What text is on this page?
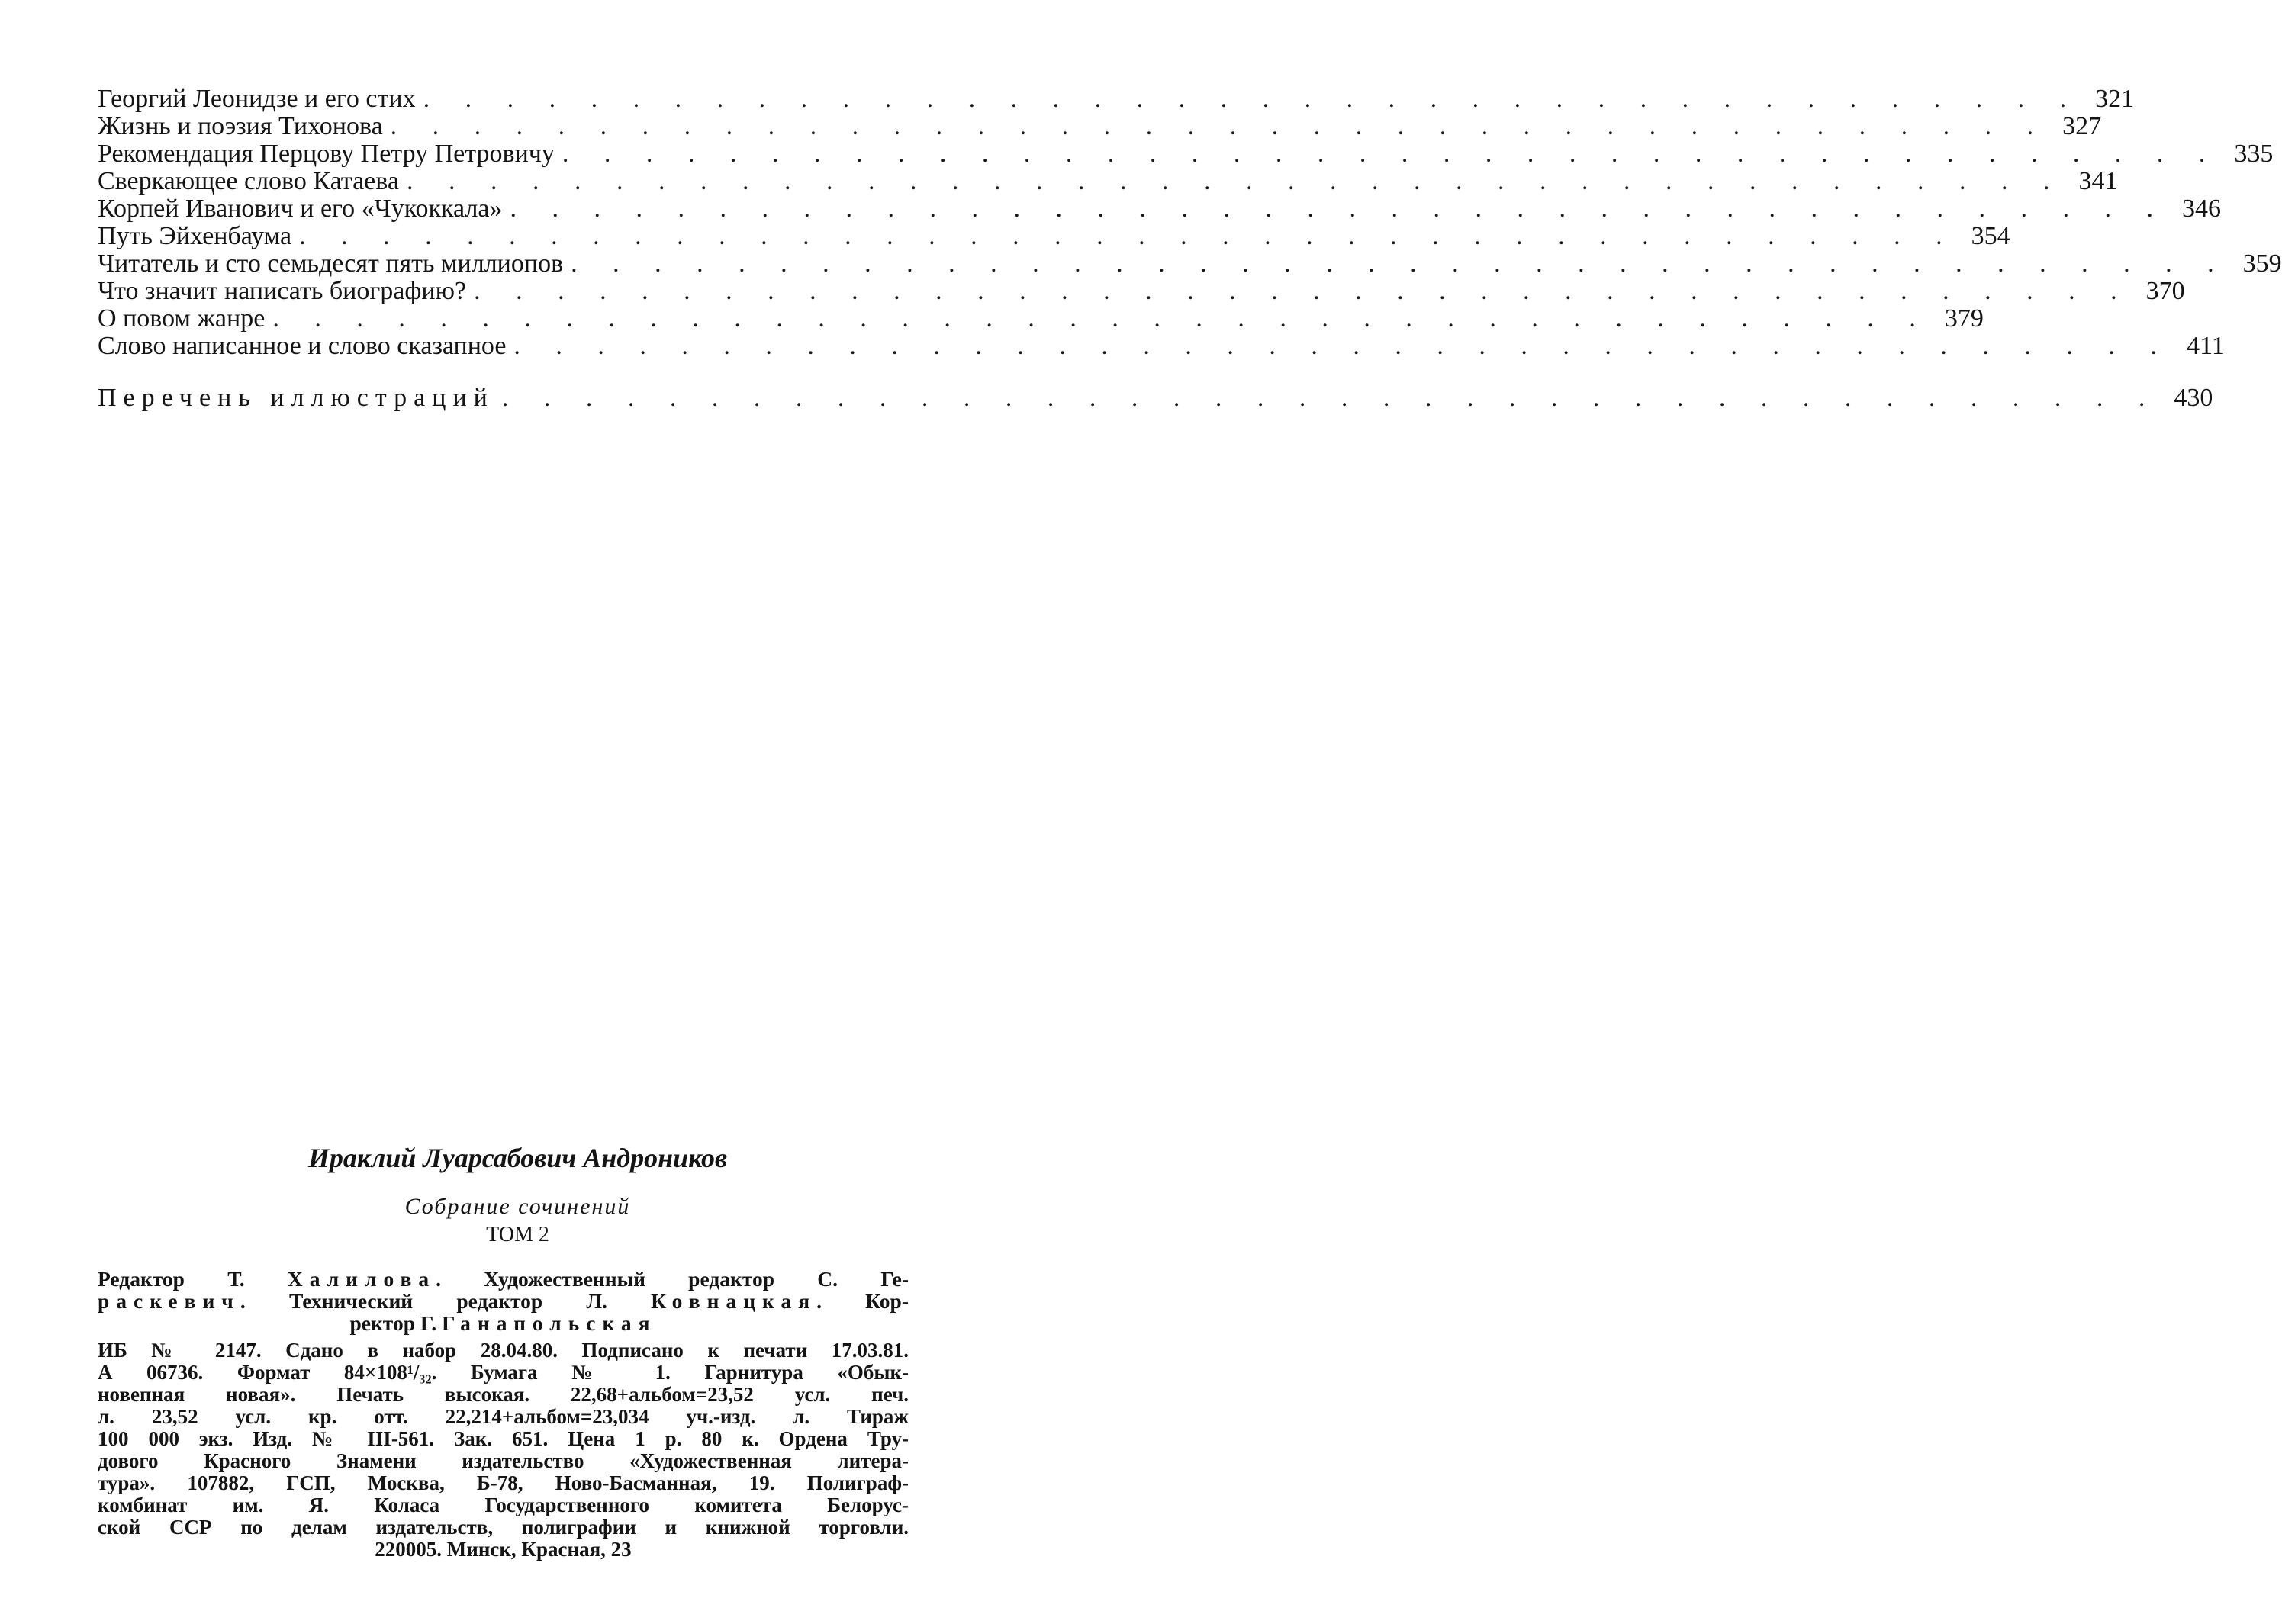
Георгий Леонидзе и его стих . . . . . . . . . . . . . . . . . . . . . . . . . . . . . . . . . . . . . . . . 321
Жизнь и поэзия Тихонова . . . . . . . . . . . . . . . . . . . . . . . . . . . . . . . . . . . . . . . . 327
Рекомендация Перцову Петру Петровичу . . . . . . . . . . . . . . . . . . . . . . . . . . . . . . . . . . . . . . . . 335
Сверкающее слово Катаева . . . . . . . . . . . . . . . . . . . . . . . . . . . . . . . . . . . . . . . . 341
Корпей Иванович и его «Чукоккала» . . . . . . . . . . . . . . . . . . . . . . . . . . . . . . . . . . . . . . . . 346
Путь Эйхенбаума . . . . . . . . . . . . . . . . . . . . . . . . . . . . . . . . . . . . . . . . 354
Читатель и сто семьдесят пять миллиопов . . . . . . . . . . . . . . . . . . . . . . . . . . . . . . . . . . . . . . . . 359
Что значит написать биографию? . . . . . . . . . . . . . . . . . . . . . . . . . . . . . . . . . . . . . . . . 370
О повом жанре . . . . . . . . . . . . . . . . . . . . . . . . . . . . . . . . . . . . . . . . 379
Слово написанное и слово сказапное . . . . . . . . . . . . . . . . . . . . . . . . . . . . . . . . . . . . . . . . 411
Перечень иллюстраций . . . . . . . . . . . . . . . . . . . . . . . . . . . . . . . . . . . . . . . . 430
Ираклий Луарсабович Андроников
Собрание сочинений
ТОМ 2
Редактор Т. Халилова. Художественный редактор С. Ге-
раскевич. Технический редактор Л. Ковнацкая. Кор-
ректор Г. Ганапольская
ИБ № 2147. Сдано в набор 28.04.80. Подписано к печати 17.03.81.
А 06736. Формат 84×108¹/₃₂. Бумага № 1. Гарнитура «Обык-
новепная новая». Печать высокая. 22,68+альбом=23,52 усл. печ.
л. 23,52 усл. кр. отт. 22,214+альбом=23,034 уч.-изд. л. Тираж
100 000 экз. Изд. № III-561. Зак. 651. Цена 1 р. 80 к. Ордена Тру-
дового Красного Знамени издательство «Художественная литера-
тура». 107882, ГСП, Москва, Б-78, Ново-Басманная, 19. Полиграф-
комбинат им. Я. Коласа Государственного комитета Белорус-
ской ССР по делам издательств, полиграфии и книжной торговли.
220005. Минск, Красная, 23
